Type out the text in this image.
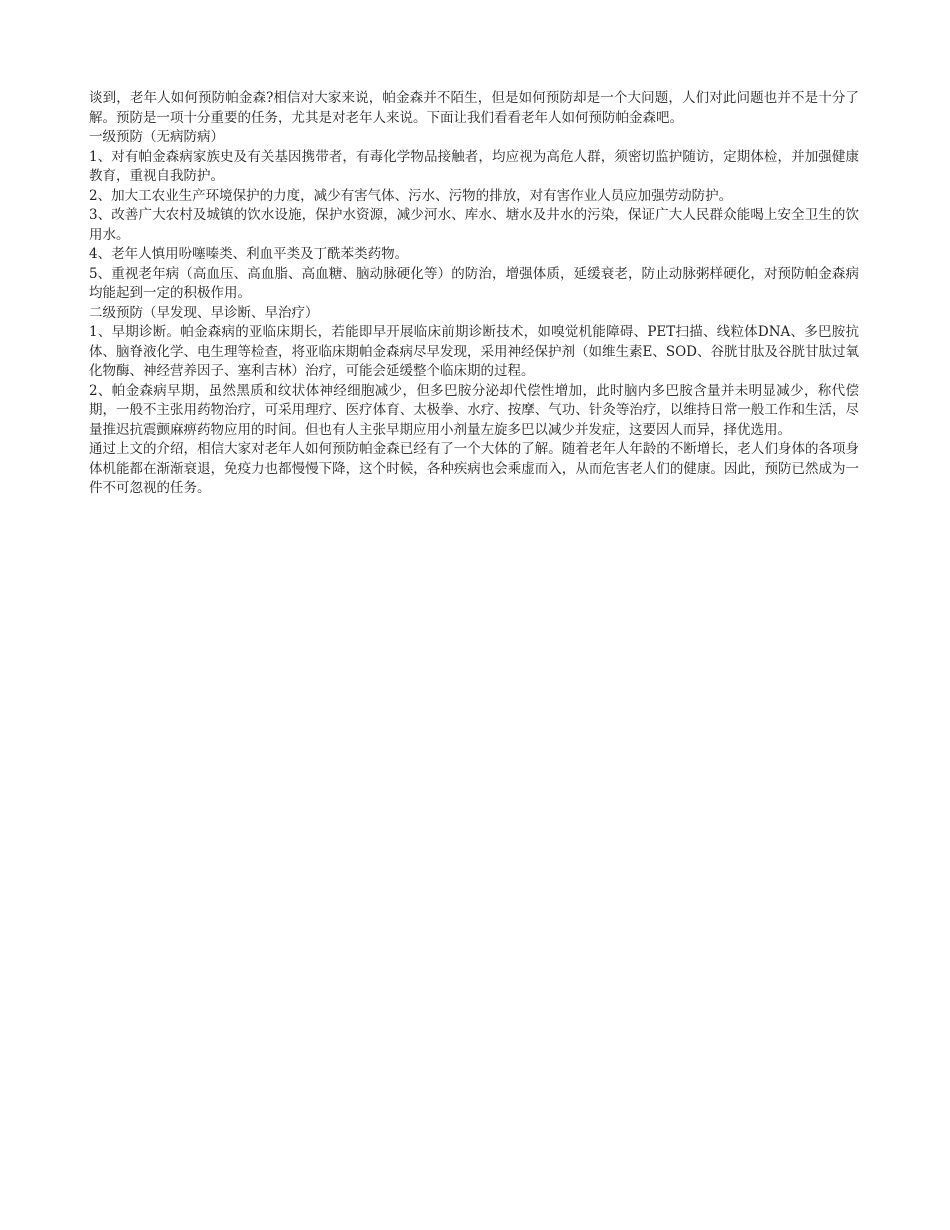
谈到，老年人如何预防帕金森?相信对大家来说，帕金森并不陌生，但是如何预防却是一个大问题，人们对此问题也并不是十分了解。预防是一项十分重要的任务，尤其是对老年人来说。下面让我们看看老年人如何预防帕金森吧。

一级预防（无病防病）

1、对有帕金森病家族史及有关基因携带者，有毒化学物品接触者，均应视为高危人群，须密切监护随访，定期体检，并加强健康教育，重视自我防护。

2、加大工农业生产环境保护的力度，减少有害气体、污水、污物的排放，对有害作业人员应加强劳动防护。

3、改善广大农村及城镇的饮水设施，保护水资源，减少河水、库水、塘水及井水的污染，保证广大人民群众能喝上安全卫生的饮用水。

4、老年人慎用吩噻嗪类、利血平类及丁酰苯类药物。

5、重视老年病（高血压、高血脂、高血糖、脑动脉硬化等）的防治，增强体质，延缓衰老，防止动脉粥样硬化，对预防帕金森病均能起到一定的积极作用。

二级预防（早发现、早诊断、早治疗）

1、早期诊断。帕金森病的亚临床期长，若能即早开展临床前期诊断技术，如嗅觉机能障碍、PET扫描、线粒体DNA、多巴胺抗体、脑脊液化学、电生理等检查，将亚临床期帕金森病尽早发现，采用神经保护剂（如维生素E、SOD、谷胱甘肽及谷胱甘肽过氧化物酶、神经营养因子、塞利吉林）治疗，可能会延缓整个临床期的过程。

2、帕金森病早期，虽然黑质和纹状体神经细胞减少，但多巴胺分泌却代偿性增加，此时脑内多巴胺含量并未明显减少，称代偿期，一般不主张用药物治疗，可采用理疗、医疗体育、太极拳、水疗、按摩、气功、针灸等治疗，以维持日常一般工作和生活，尽量推迟抗震颤麻痹药物应用的时间。但也有人主张早期应用小剂量左旋多巴以减少并发症，这要因人而异，择优选用。

通过上文的介绍，相信大家对老年人如何预防帕金森已经有了一个大体的了解。随着老年人年龄的不断增长，老人们身体的各项身体机能都在渐渐衰退，免疫力也都慢慢下降，这个时候，各种疾病也会乘虚而入，从而危害老人们的健康。因此，预防已然成为一件不可忽视的任务。
